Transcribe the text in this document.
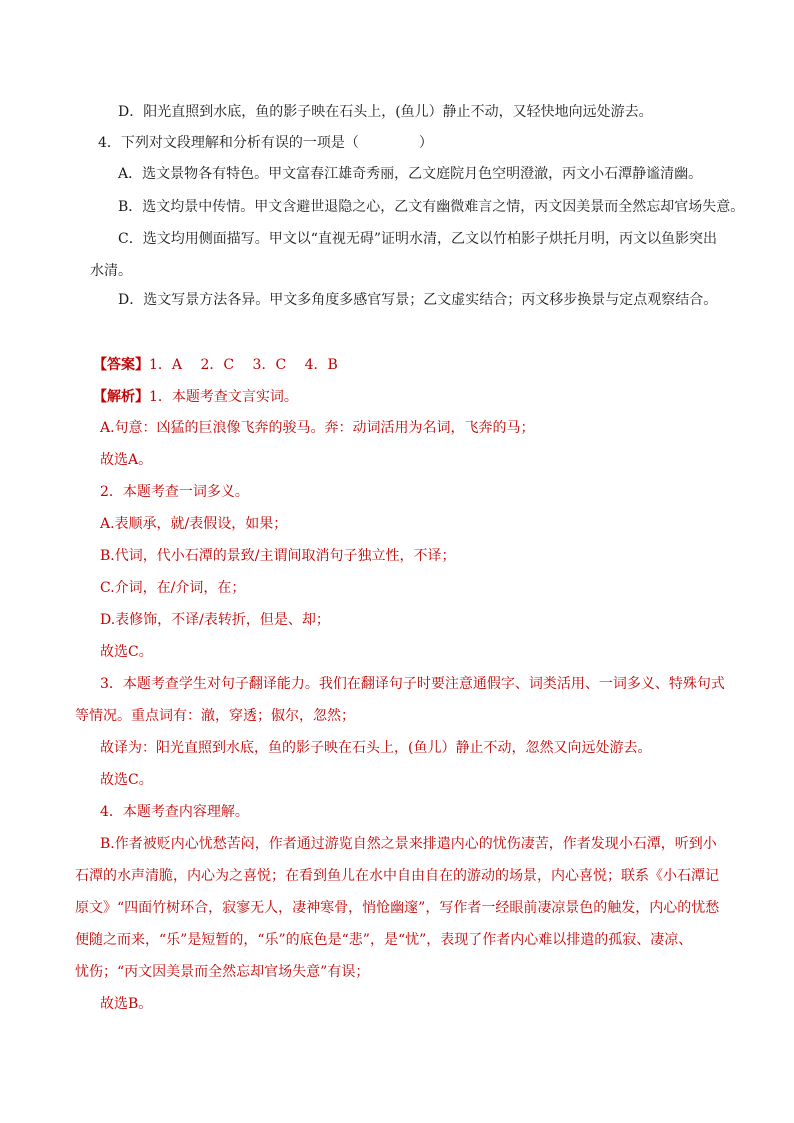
D．阳光直照到水底，鱼的影子映在石头上，(鱼儿）静止不动，又轻快地向远处游去。
4．下列对文段理解和分析有误的一项是（	）
A．选文景物各有特色。甲文富春江雄奇秀丽，乙文庭院月色空明澄澈，丙文小石潭静谧清幽。
B．选文均景中传情。甲文含避世退隐之心，乙文有幽微难言之情，丙文因美景而全然忘却官场失意。
C．选文均用侧面描写。甲文以“直视无碍”证明水清，乙文以竹柏影子烘托月明，丙文以鱼影突出
水清。
D．选文写景方法各异。甲文多角度多感官写景；乙文虚实结合；丙文移步换景与定点观察结合。
【答案】1．A　 2．C　 3．C　 4．B
【解析】1．本题考查文言实词。
A.句意：凶猛的巨浪像飞奔的骏马。奔：动词活用为名词，飞奔的马；
故选A。
2．本题考查一词多义。
A.表顺承，就/表假设，如果；
B.代词，代小石潭的景致/主谓间取消句子独立性，不译；
C.介词，在/介词，在；
D.表修饰，不译/表转折，但是、却；
故选C。
3．本题考查学生对句子翻译能力。我们在翻译句子时要注意通假字、词类活用、一词多义、特殊句式
等情况。重点词有：澈，穿透；俶尔，忽然；
故译为：阳光直照到水底，鱼的影子映在石头上，(鱼儿）静止不动，忽然又向远处游去。
故选C。
4．本题考查内容理解。
B.作者被贬内心忧愁苦闷，作者通过游览自然之景来排遣内心的忧伤凄苦，作者发现小石潭，听到小
石潭的水声清脆，内心为之喜悦；在看到鱼儿在水中自由自在的游动的场景，内心喜悦；联系《小石潭记
原文》“四面竹树环合，寂寥无人，凄神寒骨，悄怆幽邃”，写作者一经眼前凄凉景色的触发，内心的忧愁
便随之而来，“乐”是短暂的，“乐”的底色是“悲”，是“忧”，表现了作者内心难以排遣的孤寂、凄凉、
忧伤；“丙文因美景而全然忘却官场失意”有误；
故选B。
